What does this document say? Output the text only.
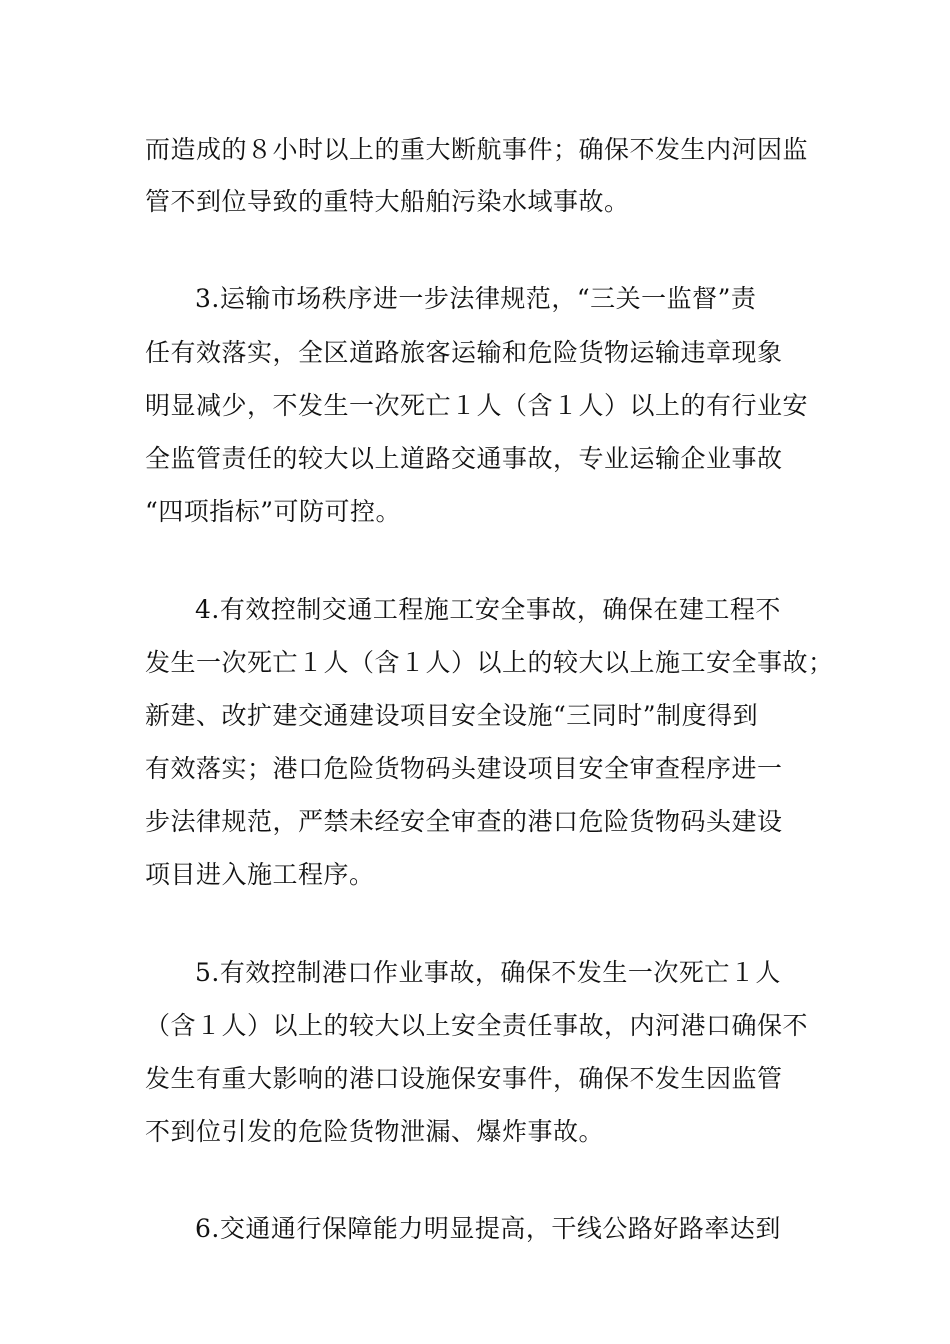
而造成的８小时以上的重大断航事件；确保不发生内河因监
管不到位导致的重特大船舶污染水域事故。
3.运输市场秩序进一步法律规范，“三关一监督”责
任有效落实，全区道路旅客运输和危险货物运输违章现象
明显减少，不发生一次死亡１人（含１人）以上的有行业安
全监管责任的较大以上道路交通事故，专业运输企业事故
“四项指标”可防可控。
4.有效控制交通工程施工安全事故，确保在建工程不
发生一次死亡１人（含１人）以上的较大以上施工安全事故；
新建、改扩建交通建设项目安全设施“三同时”制度得到
有效落实；港口危险货物码头建设项目安全审查程序进一
步法律规范，严禁未经安全审查的港口危险货物码头建设
项目进入施工程序。
5.有效控制港口作业事故，确保不发生一次死亡１人
（含１人）以上的较大以上安全责任事故，内河港口确保不
发生有重大影响的港口设施保安事件，确保不发生因监管
不到位引发的危险货物泄漏、爆炸事故。
6.交通通行保障能力明显提高，干线公路好路率达到
